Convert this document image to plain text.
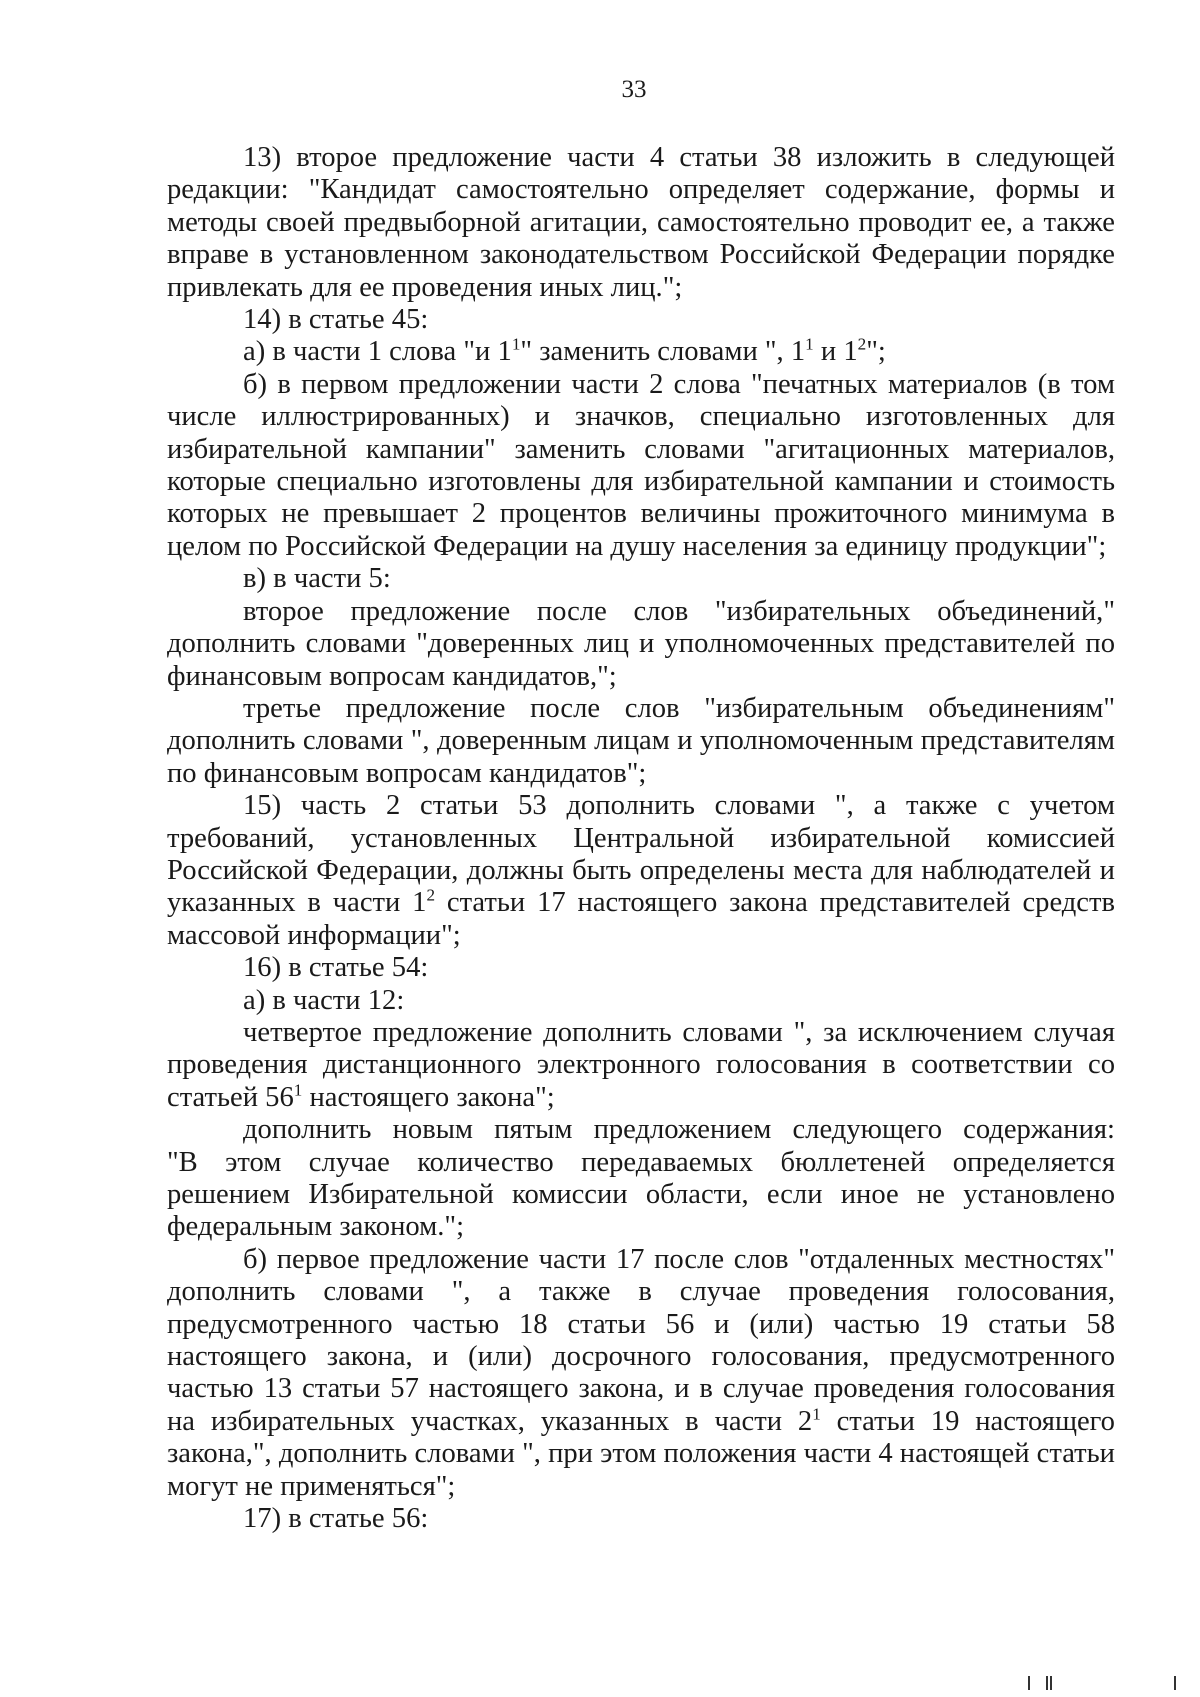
33

13) второе предложение части 4 статьи 38 изложить в следующей

редакции: "Кандидат самостоятельно определяет содержание, формы и

методы своей предвыборной агитации, самостоятельно проводит ее, а также

вправе в установленном законодательством Российской Федерации порядке

привлекать для ее проведения иных лиц.";

14) в статье 45:

а) в части 1 слова "и $1^1$" заменить словами ", $1^1$ и $1^2$";

б) в первом предложении части 2 слова "печатных материалов (в том

числе иллюстрированных) и значков, специально изготовленных для

избирательной кампании" заменить словами "агитационных материалов,

которые специально изготовлены для избирательной кампании и стоимость

которых не превышает 2 процентов величины прожиточного минимума в

целом по Российской Федерации на душу населения за единицу продукции";

в) в части 5:

второе предложение после слов "избирательных объединений,"

дополнить словами "доверенных лиц и уполномоченных представителей по

финансовым вопросам кандидатов,";

третье предложение после слов "избирательным объединениям"

дополнить словами ", доверенным лицам и уполномоченным представителям

по финансовым вопросам кандидатов";

15) часть 2 статьи 53 дополнить словами ", а также с учетом

требований, установленных Центральной избирательной комиссией

Российской Федерации, должны быть определены места для наблюдателей и

указанных в части $1^2$ статьи 17 настоящего закона представителей средств

массовой информации";

16) в статье 54:

а) в части 12:

четвертое предложение дополнить словами ", за исключением случая

проведения дистанционного электронного голосования в соответствии со

статьей $56^1$ настоящего закона";

дополнить новым пятым предложением следующего содержания:

"В этом случае количество передаваемых бюллетеней определяется

решением Избирательной комиссии области, если иное не установлено

федеральным законом.";

б) первое предложение части 17 после слов "отдаленных местностях"

дополнить словами ", а также в случае проведения голосования,

предусмотренного частью 18 статьи 56 и (или) частью 19 статьи 58

настоящего закона, и (или) досрочного голосования, предусмотренного

частью 13 статьи 57 настоящего закона, и в случае проведения голосования

на избирательных участках, указанных в части $2^1$ статьи 19 настоящего

закона,", дополнить словами ", при этом положения части 4 настоящей статьи

могут не применяться";

17) в статье 56:
